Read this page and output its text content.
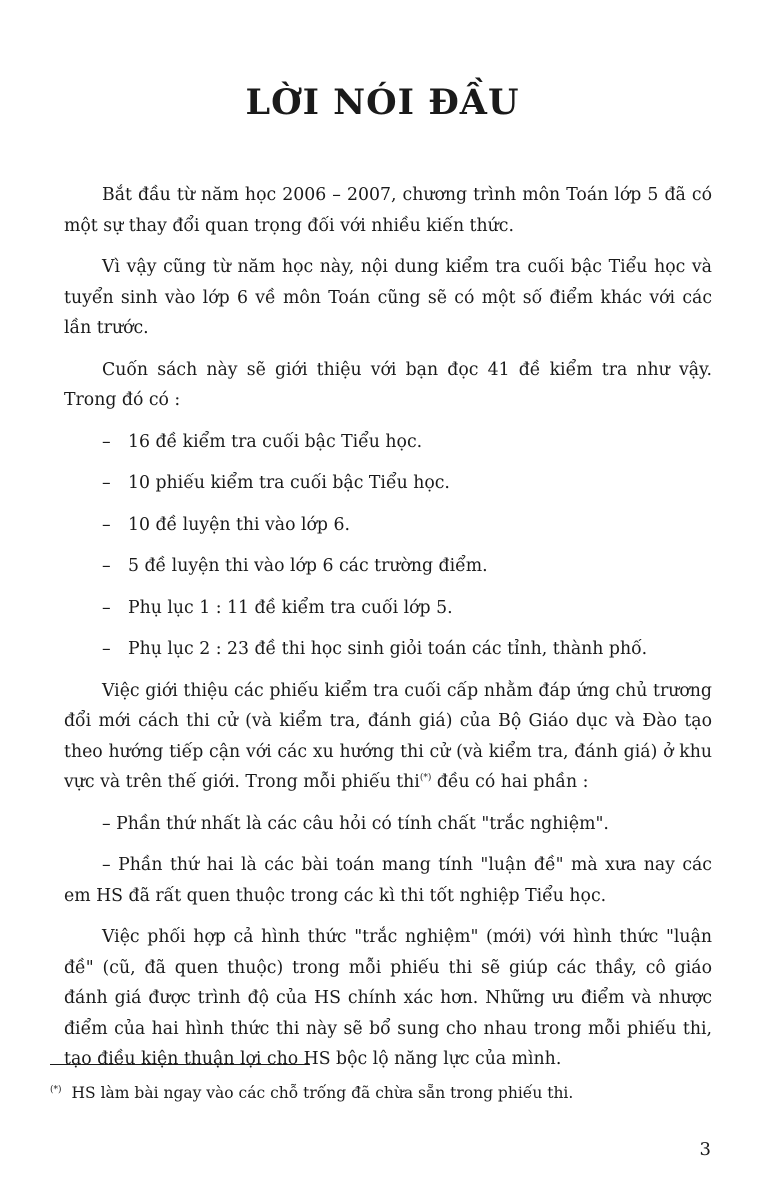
LỜI NÓI ĐẦU

Bắt đầu từ năm học 2006 – 2007, chương trình môn Toán lớp 5 đã có một sự thay đổi quan trọng đối với nhiều kiến thức.

Vì vậy cũng từ năm học này, nội dung kiểm tra cuối bậc Tiểu học và tuyển sinh vào lớp 6 về môn Toán cũng sẽ có một số điểm khác với các lần trước.

Cuốn sách này sẽ giới thiệu với bạn đọc 41 đề kiểm tra như vậy. Trong đó có :

–	16 đề kiểm tra cuối bậc Tiểu học.
–	10 phiếu kiểm tra cuối bậc Tiểu học.
–	10 đề luyện thi vào lớp 6.
–	5 đề luyện thi vào lớp 6 các trường điểm.
–	Phụ lục 1 : 11 đề kiểm tra cuối lớp 5.
–	Phụ lục 2 : 23 đề thi học sinh giỏi toán các tỉnh, thành phố.

Việc giới thiệu các phiếu kiểm tra cuối cấp nhằm đáp ứng chủ trương đổi mới cách thi cử (và kiểm tra, đánh giá) của Bộ Giáo dục và Đào tạo theo hướng tiếp cận với các xu hướng thi cử (và kiểm tra, đánh giá) ở khu vực và trên thế giới. Trong mỗi phiếu thi(*) đều có hai phần :

– Phần thứ nhất là các câu hỏi có tính chất "trắc nghiệm".

– Phần thứ hai là các bài toán mang tính "luận đề" mà xưa nay các em HS đã rất quen thuộc trong các kì thi tốt nghiệp Tiểu học.

Việc phối hợp cả hình thức "trắc nghiệm" (mới) với hình thức "luận đề" (cũ, đã quen thuộc) trong mỗi phiếu thi sẽ giúp các thầy, cô giáo đánh giá được trình độ của HS chính xác hơn. Những ưu điểm và nhược điểm của hai hình thức thi này sẽ bổ sung cho nhau trong mỗi phiếu thi, tạo điều kiện thuận lợi cho HS bộc lộ năng lực của mình.

(*) HS làm bài ngay vào các chỗ trống đã chừa sẵn trong phiếu thi.
3
